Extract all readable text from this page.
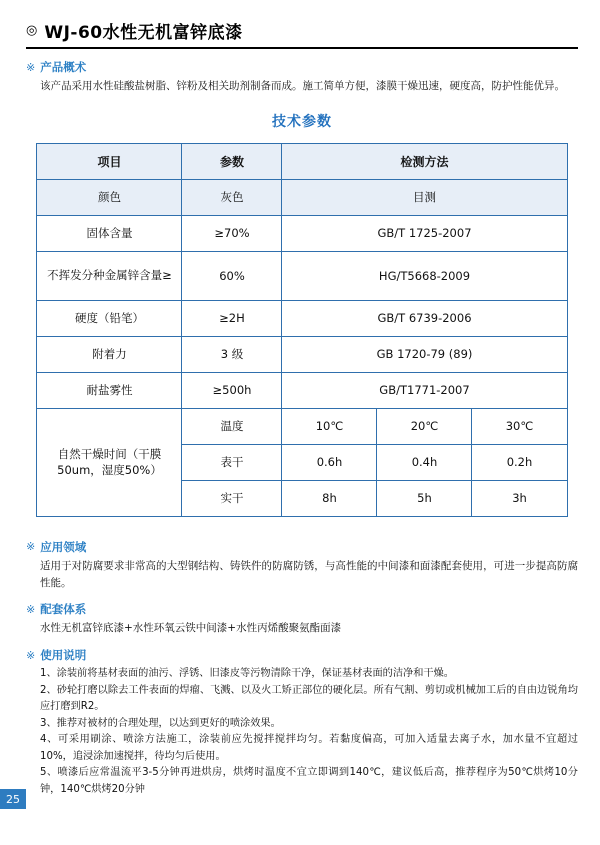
◎ WJ-60水性无机富锌底漆
※ 产品概术
该产品采用水性硅酸盐树脂、锌粉及相关助剂制备而成。施工简单方便，漆膜干燥迅速，硬度高，防护性能优异。
技术参数
项目	参数	检测方法		
颜色	灰色	目测		
固体含量	≥70%	GB/T 1725-2007		
不挥发分种金属锌含量≥	60%	HG/T5668-2009		
硬度（铅笔）	≥2H	GB/T 6739-2006		
附着力	3 级	GB 1720-79 (89)		
耐盐雾性	≥500h	GB/T1771-2007		
自然干燥时间（干膜50um，湿度50%）	温度	10℃	20℃	30℃
	表干	0.6h	0.4h	0.2h
	实干	8h	5h	3h
※ 应用领域
适用于对防腐要求非常高的大型钢结构、铸铁件的防腐防锈，与高性能的中间漆和面漆配套使用，可进一步提高防腐性能。
※ 配套体系
水性无机富锌底漆+水性环氧云铁中间漆+水性丙烯酸聚氨酯面漆
※ 使用说明

1、涂装前将基材表面的油污、浮锈、旧漆皮等污物清除干净，保证基材表面的洁净和干燥。

2、砂轮打磨以除去工件表面的焊瘤、飞溅、以及火工矫正部位的硬化层。所有气割、剪切或机械加工后的自由边锐角均应打磨到R2。

3、推荐对被材的合理处理，以达到更好的喷涂效果。

4、可采用刷涂、喷涂方法施工，涂装前应先搅拌搅拌均匀。若黏度偏高，可加入适量去离子水，加水量不宜超过10%，追浸涂加速搅拌，待均匀后使用。

5、喷漆后应常温流平3-5分钟再进烘房，烘烤时温度不宜立即调到140℃，建议低后高，推荐程序为50℃烘烤10分钟，140℃烘烤20分钟

25
